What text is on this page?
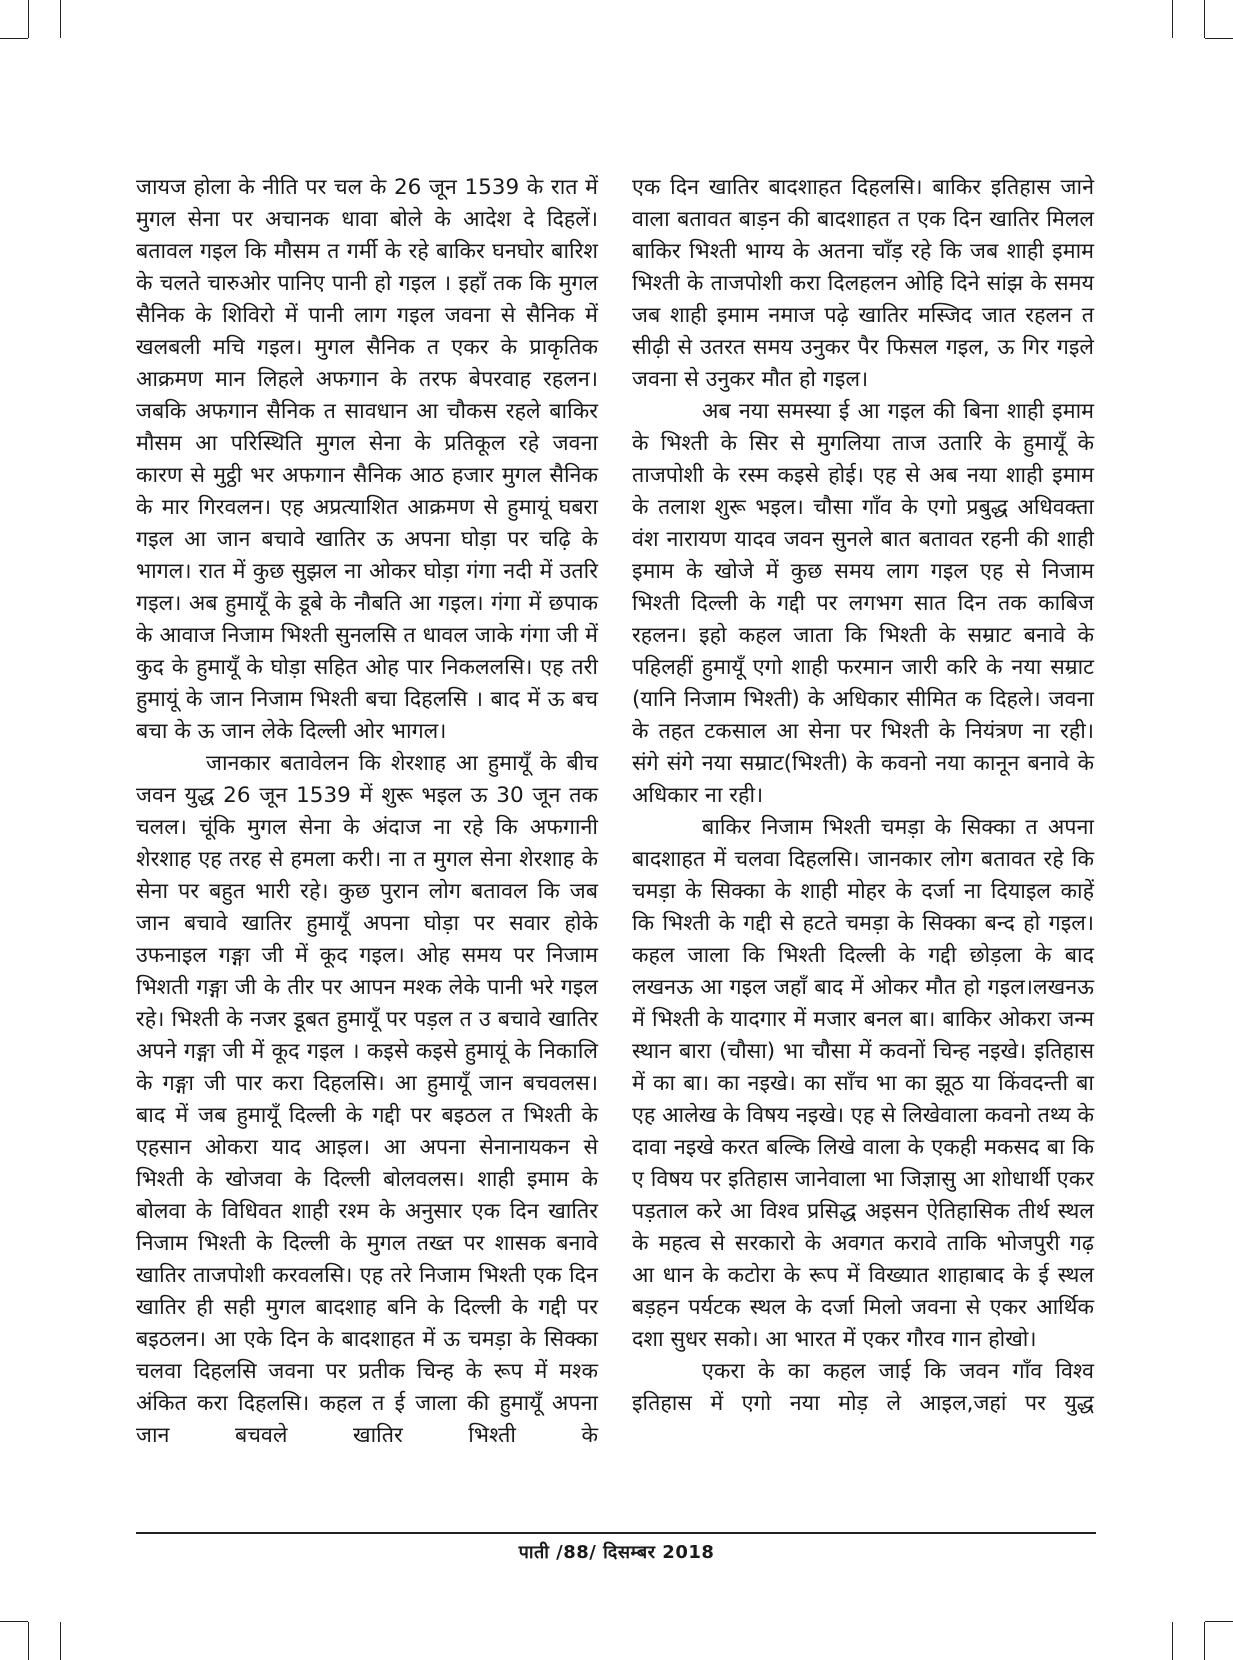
जायज होला के नीति पर चल के 26 जून 1539 के रात में मुगल सेना पर अचानक धावा बोले के आदेश दे दिहलें। बतावल गइल कि मौसम त गर्मी के रहे बाकिर घनघोर बारिश के चलते चारुओर पानिए पानी हो गइल । इहाँ तक कि मुगल सैनिक के शिविरो में पानी लाग गइल जवना से सैनिक में खलबली मचि गइल। मुगल सैनिक त एकर के प्राकृतिक आक्रमण मान लिहले अफगान के तरफ बेपरवाह रहलन। जबकि अफगान सैनिक त सावधान आ चौकस रहले बाकिर मौसम आ परिस्थिति मुगल सेना के प्रतिकूल रहे जवना कारण से मुट्ठी भर अफगान सैनिक आठ हजार मुगल सैनिक के मार गिरवलन। एह अप्रत्याशित आक्रमण से हुमायूं घबरा गइल आ जान बचावे खातिर ऊ अपना घोड़ा पर चढ़ि के भागल। रात में कुछ सुझल ना ओकर घोड़ा गंगा नदी में उतरि गइल। अब हुमायूँ के डूबे के नौबति आ गइल। गंगा में छपाक के आवाज निजाम भिश्ती सुनलसि त धावल जाके गंगा जी में कुद के हुमायूँ के घोड़ा सहित ओह पार निकललसि। एह तरी हुमायूं के जान निजाम भिश्ती बचा दिहलसि । बाद में ऊ बच बचा के ऊ जान लेके दिल्ली ओर भागल।

जानकार बतावेलन कि शेरशाह आ हुमायूँ के बीच जवन युद्ध 26 जून 1539 में शुरू भइल ऊ 30 जून तक चलल। चूंकि मुगल सेना के अंदाज ना रहे कि अफगानी शेरशाह एह तरह से हमला करी। ना त मुगल सेना शेरशाह के सेना पर बहुत भारी रहे। कुछ पुरान लोग बतावल कि जब जान बचावे खातिर हुमायूँ अपना घोड़ा पर सवार होके उफनाइल गङ्गा जी में कूद गइल। ओह समय पर निजाम भिशती गङ्गा जी के तीर पर आपन मश्क लेके पानी भरे गइल रहे। भिश्ती के नजर डूबत हुमायूँ पर पड़ल त उ बचावे खातिर अपने गङ्गा जी में कूद गइल । कइसे कइसे हुमायूं के निकालि के गङ्गा जी पार करा दिहलसि। आ हुमायूँ जान बचवलस। बाद में जब हुमायूँ दिल्ली के गद्दी पर बइठल त भिश्ती के एहसान ओकरा याद आइल। आ अपना सेनानायकन से भिश्ती के खोजवा के दिल्ली बोलवलस। शाही इमाम के बोलवा के विधिवत शाही रश्म के अनुसार एक दिन खातिर निजाम भिश्ती के दिल्ली के मुगल तख्त पर शासक बनावे खातिर ताजपोशी करवलसि। एह तरे निजाम भिश्ती एक दिन खातिर ही सही मुगल बादशाह बनि के दिल्ली के गद्दी पर बइठलन। आ एके दिन के बादशाहत में ऊ चमड़ा के सिक्का चलवा दिहलसि जवना पर प्रतीक चिन्ह के रूप में मश्क अंकित करा दिहलसि। कहल त ई जाला की हुमायूँ अपना जान बचवले खातिर भिश्ती के

एक दिन खातिर बादशाहत दिहलसि। बाकिर इतिहास जाने वाला बतावत बाड़न की बादशाहत त एक दिन खातिर मिलल बाकिर भिश्ती भाग्य के अतना चाँड़ रहे कि जब शाही इमाम भिश्ती के ताजपोशी करा दिलहलन ओहि दिने सांझ के समय जब शाही इमाम नमाज पढ़े खातिर मस्जिद जात रहलन त सीढ़ी से उतरत समय उनुकर पैर फिसल गइल, ऊ गिर गइले जवना से उनुकर मौत हो गइल।

अब नया समस्या ई आ गइल की बिना शाही इमाम के भिश्ती के सिर से मुगलिया ताज उतारि के हुमायूँ के ताजपोशी के रस्म कइसे होई। एह से अब नया शाही इमाम के तलाश शुरू भइल। चौसा गाँव के एगो प्रबुद्ध अधिवक्ता वंश नारायण यादव जवन सुनले बात बतावत रहनी की शाही इमाम के खोजे में कुछ समय लाग गइल एह से निजाम भिश्ती दिल्ली के गद्दी पर लगभग सात दिन तक काबिज रहलन। इहो कहल जाता कि भिश्ती के सम्राट बनावे के पहिलहीं हुमायूँ एगो शाही फरमान जारी करि के नया सम्राट (यानि निजाम भिश्ती) के अधिकार सीमित क दिहले। जवना के तहत टकसाल आ सेना पर भिश्ती के नियंत्रण ना रही। संगे संगे नया सम्राट(भिश्ती) के कवनो नया कानून बनावे के अधिकार ना रही।

बाकिर निजाम भिश्ती चमड़ा के सिक्का त अपना बादशाहत में चलवा दिहलसि। जानकार लोग बतावत रहे कि चमड़ा के सिक्का के शाही मोहर के दर्जा ना दियाइल काहें कि भिश्ती के गद्दी से हटते चमड़ा के सिक्का बन्द हो गइल। कहल जाला कि भिश्ती दिल्ली के गद्दी छोड़ला के बाद लखनऊ आ गइल जहाँ बाद में ओकर मौत हो गइल।लखनऊ में भिश्ती के यादगार में मजार बनल बा। बाकिर ओकरा जन्म स्थान बारा (चौसा) भा चौसा में कवनों चिन्ह नइखे। इतिहास में का बा। का नइखे। का साँच भा का झूठ या किंवदन्ती बा एह आलेख के विषय नइखे। एह से लिखेवाला कवनो तथ्य के दावा नइखे करत बल्कि लिखे वाला के एकही मकसद बा कि ए विषय पर इतिहास जानेवाला भा जिज्ञासु आ शोधार्थी एकर पड़ताल करे आ विश्व प्रसिद्ध अइसन ऐतिहासिक तीर्थ स्थल के महत्व से सरकारो के अवगत करावे ताकि भोजपुरी गढ़ आ धान के कटोरा के रूप में विख्यात शाहाबाद के ई स्थल बड़हन पर्यटक स्थल के दर्जा मिलो जवना से एकर आर्थिक दशा सुधर सको। आ भारत में एकर गौरव गान होखो।

एकरा के का कहल जाई कि जवन गाँव विश्व इतिहास में एगो नया मोड़ ले आइल,जहां पर युद्ध

पाती /88/ दिसम्बर 2018
